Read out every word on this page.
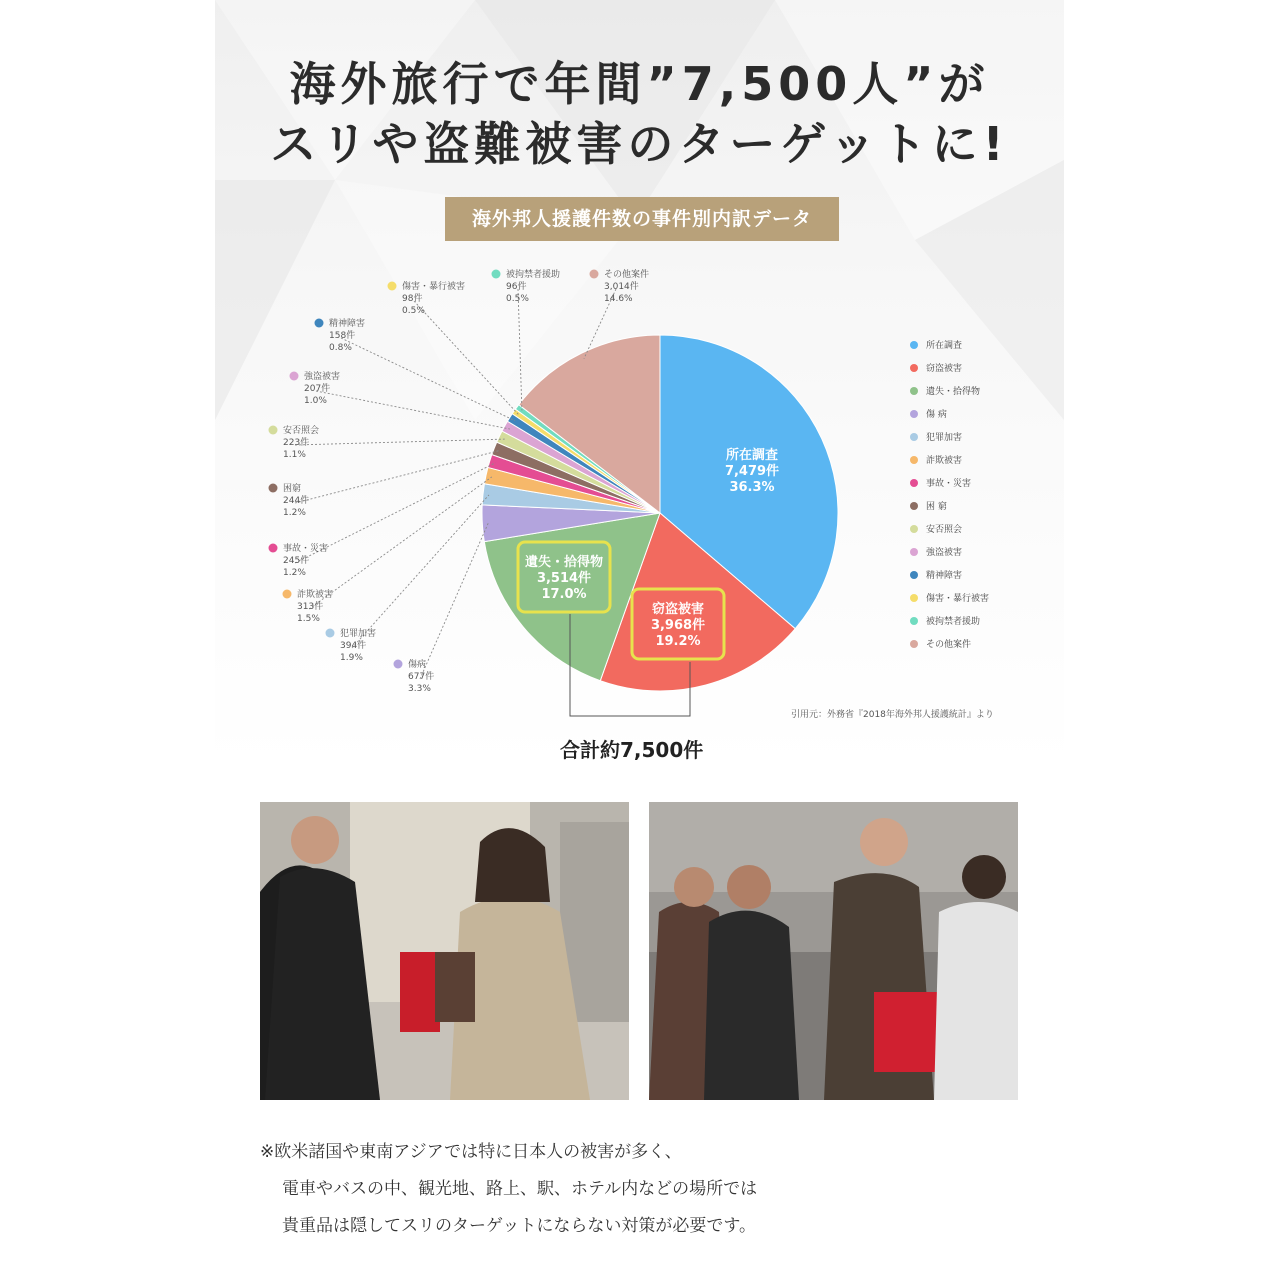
海外旅行で年間”7,500人”が
スリや盗難被害のターゲットに!
海外邦人援護件数の事件別内訳データ
所在調査
7,479件
36.3%
窃盗被害
3,968件
19.2%
遺失・拾得物
3,514件
17.0%
傷病
677件
3.3%
犯罪加害
394件
1.9%
詐欺被害
313件
1.5%
事故・災害
245件
1.2%
困窮
244件
1.2%
安否照会
223件
1.1%
強盗被害
207件
1.0%
精神障害
158件
0.8%
傷害・暴行被害
98件
0.5%
被拘禁者援助
96件
0.5%
その他案件
3,014件
14.6%
所在調査
窃盗被害
遺失・拾得物
傷 病
犯罪加害
詐欺被害
事故・災害
困 窮
安否照会
強盗被害
精神障害
傷害・暴行被害
被拘禁者援助
その他案件
引用元：外務省『2018年海外邦人援護統計』より
合計約7,500件

※欧米諸国や東南アジアでは特に日本人の被害が多く、

電車やバスの中、観光地、路上、駅、ホテル内などの場所では

貴重品は隠してスリのターゲットにならない対策が必要です。
